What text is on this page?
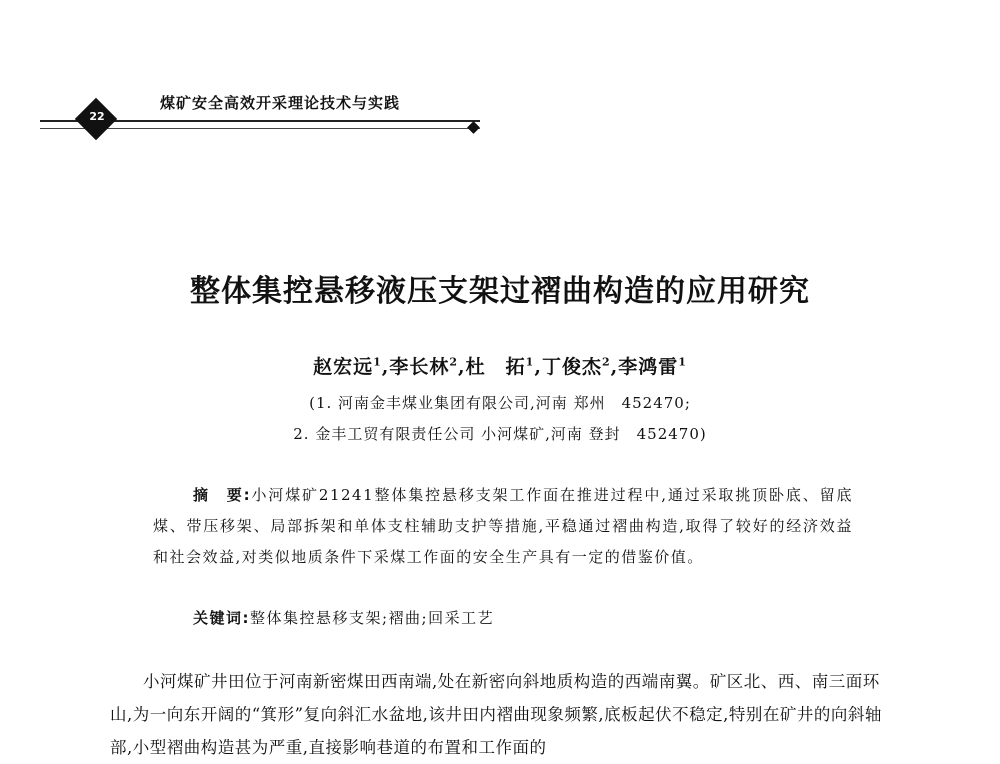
22
煤矿安全高效开采理论技术与实践
整体集控悬移液压支架过褶曲构造的应用研究
赵宏远$^1$,李长林$^2$,杜　拓$^1$,丁俊杰$^2$,李鸿雷$^1$
(1. 河南金丰煤业集团有限公司,河南 郑州　452470;
2. 金丰工贸有限责任公司 小河煤矿,河南 登封　452470)
摘　要:小河煤矿21241整体集控悬移支架工作面在推进过程中,通过采取挑顶卧底、留底煤、带压移架、局部拆架和单体支柱辅助支护等措施,平稳通过褶曲构造,取得了较好的经济效益和社会效益,对类似地质条件下采煤工作面的安全生产具有一定的借鉴价值。
关键词:整体集控悬移支架;褶曲;回采工艺

小河煤矿井田位于河南新密煤田西南端,处在新密向斜地质构造的西端南翼。矿区北、西、南三面环山,为一向东开阔的“箕形”复向斜汇水盆地,该井田内褶曲现象频繁,底板起伏不稳定,特别在矿井的向斜轴部,小型褶曲构造甚为严重,直接影响巷道的布置和工作面的
